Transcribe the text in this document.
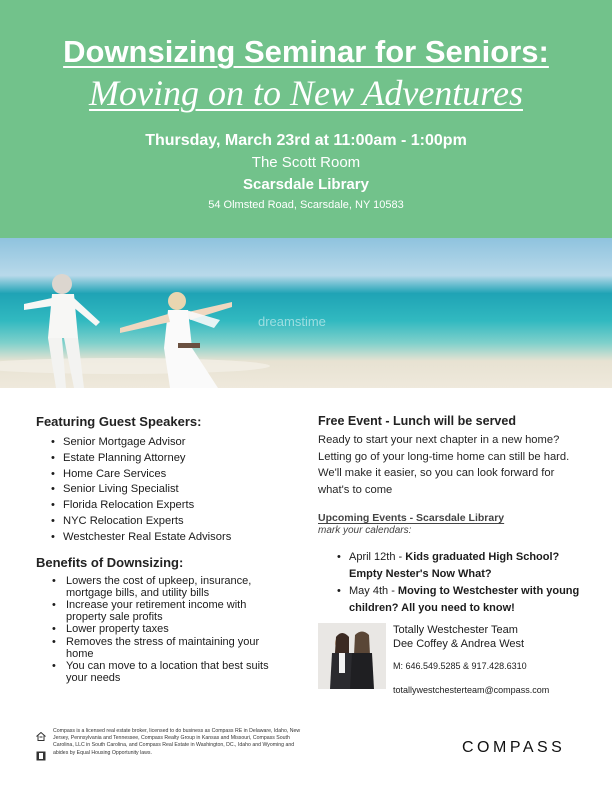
Downsizing Seminar for Seniors:
Moving on to New Adventures
Thursday, March 23rd at 11:00am - 1:00pm
The Scott Room
Scarsdale Library
54 Olmsted Road, Scarsdale, NY 10583
dreamstime
Featuring Guest Speakers:
• Senior Mortgage Advisor
• Estate Planning Attorney
• Home Care Services
• Senior Living Specialist
• Florida Relocation Experts
• NYC Relocation Experts
• Westchester Real Estate Advisors
Benefits of Downsizing:
• Lowers the cost of upkeep, insurance, mortgage bills, and utility bills
• Increase your retirement income with property sale profits
• Lower property taxes
• Removes the stress of maintaining your home
• You can move to a location that best suits your needs
Free Event - Lunch will be served
Ready to start your next chapter in a new home? Letting go of your long-time home can still be hard. We'll make it easier, so you can look forward for what's to come
Upcoming Events - Scarsdale Library
mark your calendars:
• April 12th - Kids graduated High School? Empty Nester's Now What?
• May 4th - Moving to Westchester with young children? All you need to know!
Totally Westchester Team
Dee Coffey & Andrea West
M: 646.549.5285 & 917.428.6310
totallywestchesterteam@compass.com

Compass is a licensed real estate broker, licensed to do business as Compass RE in Delaware, Idaho, New Jersey, Pennsylvania and Tennessee, Compass Realty Group in Kansas and Missouri, Compass South Carolina, LLC in South Carolina, and Compass Real Estate in Washington, DC., Idaho and Wyoming and abides by Equal Housing Opportunity laws.	COMPASS
